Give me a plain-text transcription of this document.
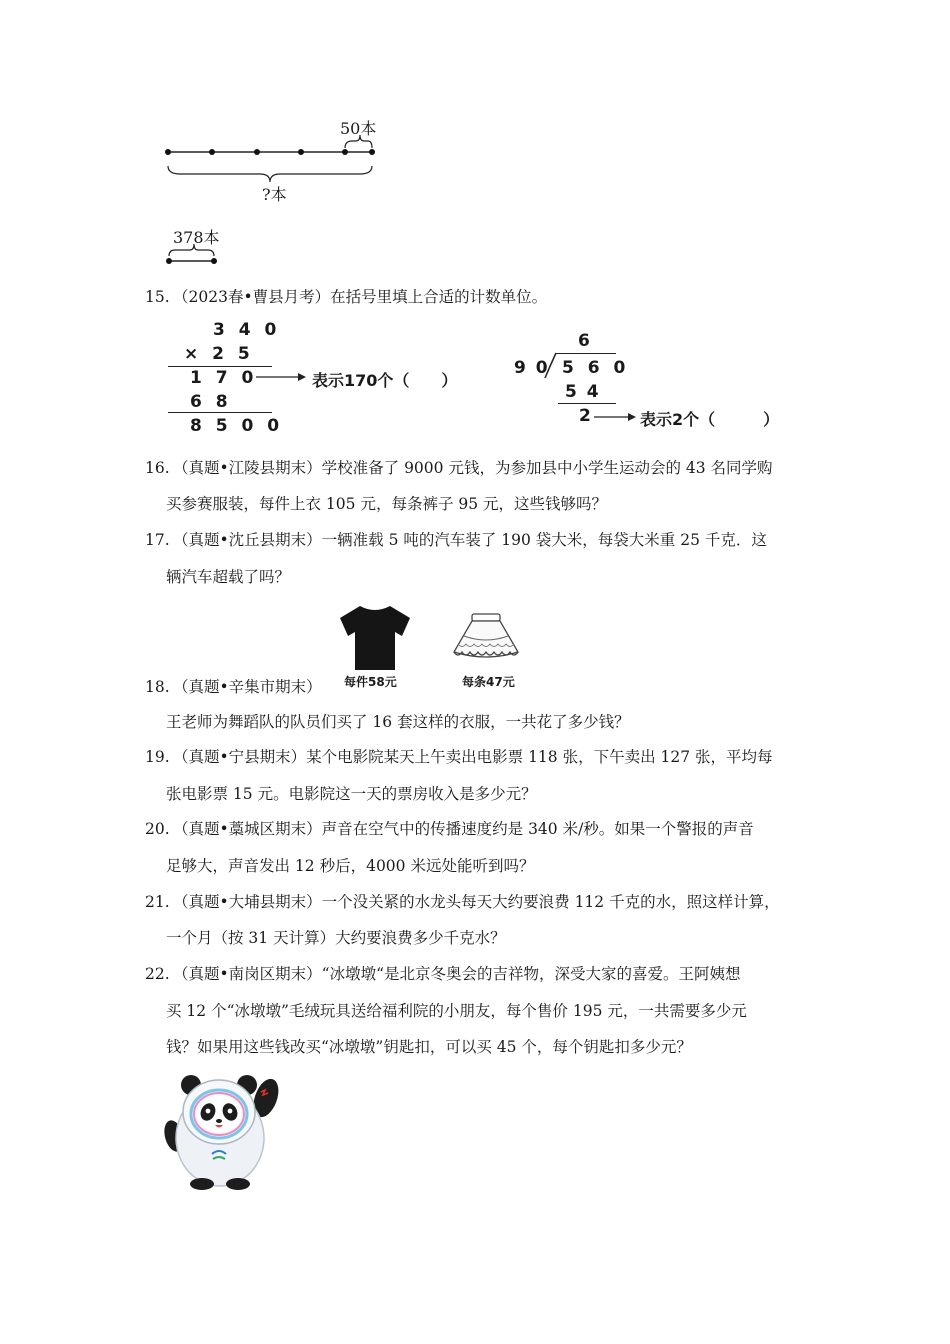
50本
?本
378本
15. （2023春•曹县月考）在括号里填上合适的计数单位。
3 4 0
× 2 5
1 7 0	表示170个（　　）
6 8
8 5 0 0
6
9 0 5 6 0
5 4
2	表示2个（　　　）
16. （真题•江陵县期末）学校准备了 9000 元钱，为参加县中小学生运动会的 43 名同学购
买参赛服装，每件上衣 105 元，每条裤子 95 元，这些钱够吗？
17. （真题•沈丘县期末）一辆准载 5 吨的汽车装了 190 袋大米，每袋大米重 25 千克．这
辆汽车超载了吗？
每件58元	每条47元
18. （真题•辛集市期末）
王老师为舞蹈队的队员们买了 16 套这样的衣服，一共花了多少钱？
19. （真题•宁县期末）某个电影院某天上午卖出电影票 118 张，下午卖出 127 张，平均每
张电影票 15 元。电影院这一天的票房收入是多少元？
20. （真题•藁城区期末）声音在空气中的传播速度约是 340 米/秒。如果一个警报的声音
足够大，声音发出 12 秒后，4000 米远处能听到吗？
21. （真题•大埔县期末）一个没关紧的水龙头每天大约要浪费 112 千克的水，照这样计算，
一个月（按 31 天计算）大约要浪费多少千克水？
22. （真题•南岗区期末）“冰墩墩“是北京冬奥会的吉祥物，深受大家的喜爱。王阿姨想
买 12 个“冰墩墩”毛绒玩具送给福利院的小朋友，每个售价 195 元，一共需要多少元
钱？如果用这些钱改买“冰墩墩”钥匙扣，可以买 45 个，每个钥匙扣多少元？
